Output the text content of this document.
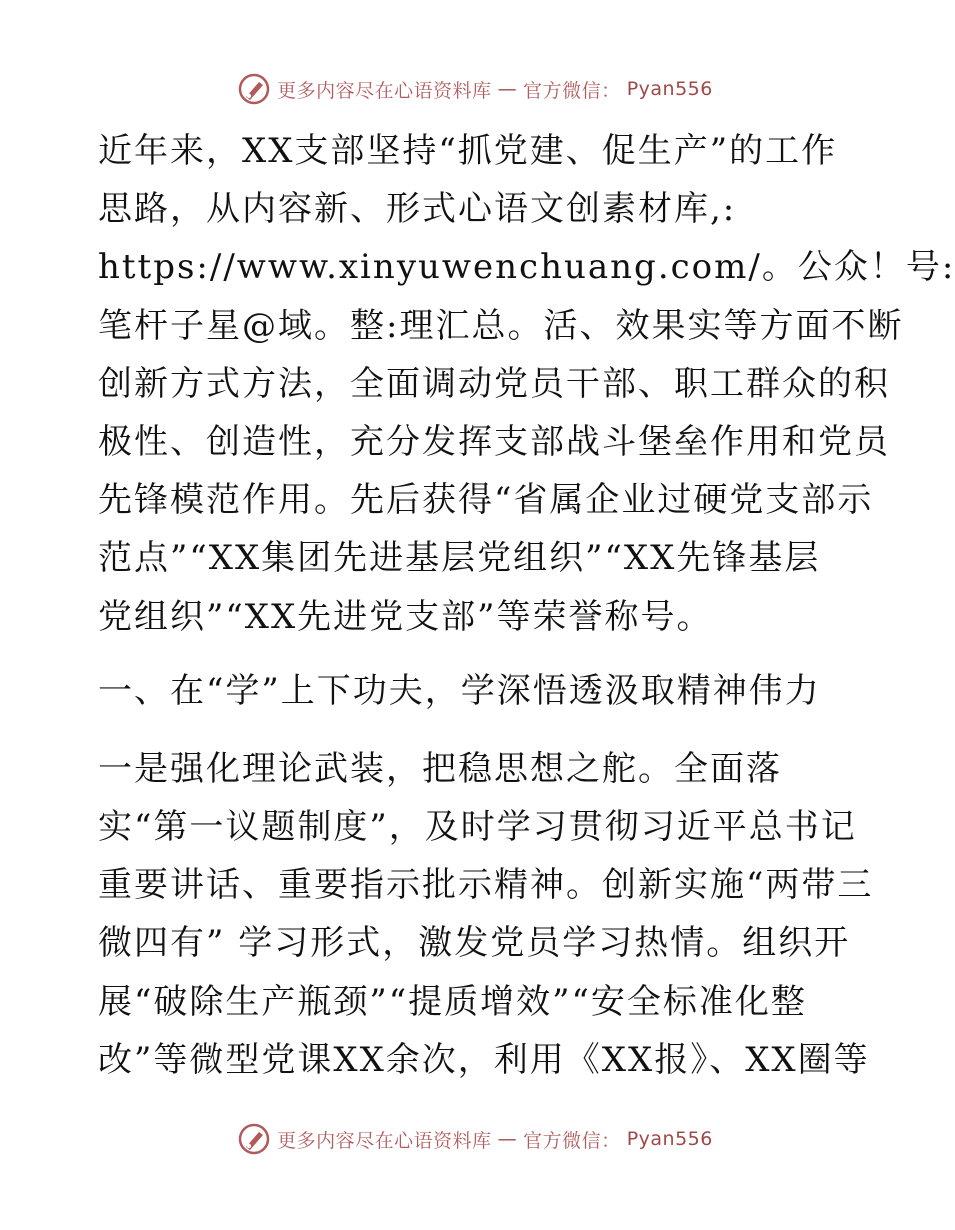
更多内容尽在心语资料库 — 官方微信： Pyan556
近年来，XX支部坚持“抓党建、促生产”的工作
思路，从内容新、形式心语文创素材库,:
https://www.xinyuwenchuang.com/。公众！号:
笔杆子星@域。整:理汇总。活、效果实等方面不断
创新方式方法，全面调动党员干部、职工群众的积
极性、创造性，充分发挥支部战斗堡垒作用和党员
先锋模范作用。先后获得“省属企业过硬党支部示
范点”“XX集团先进基层党组织”“XX先锋基层
党组织”“XX先进党支部”等荣誉称号。
一、在“学”上下功夫，学深悟透汲取精神伟力
一是强化理论武装，把稳思想之舵。全面落
实“第一议题制度”，及时学习贯彻习近平总书记
重要讲话、重要指示批示精神。创新实施“两带三
微四有” 学习形式，激发党员学习热情。组织开
展“破除生产瓶颈”“提质增效”“安全标准化整
改”等微型党课XX余次，利用《XX报》、XX圈等
更多内容尽在心语资料库 — 官方微信： Pyan556
